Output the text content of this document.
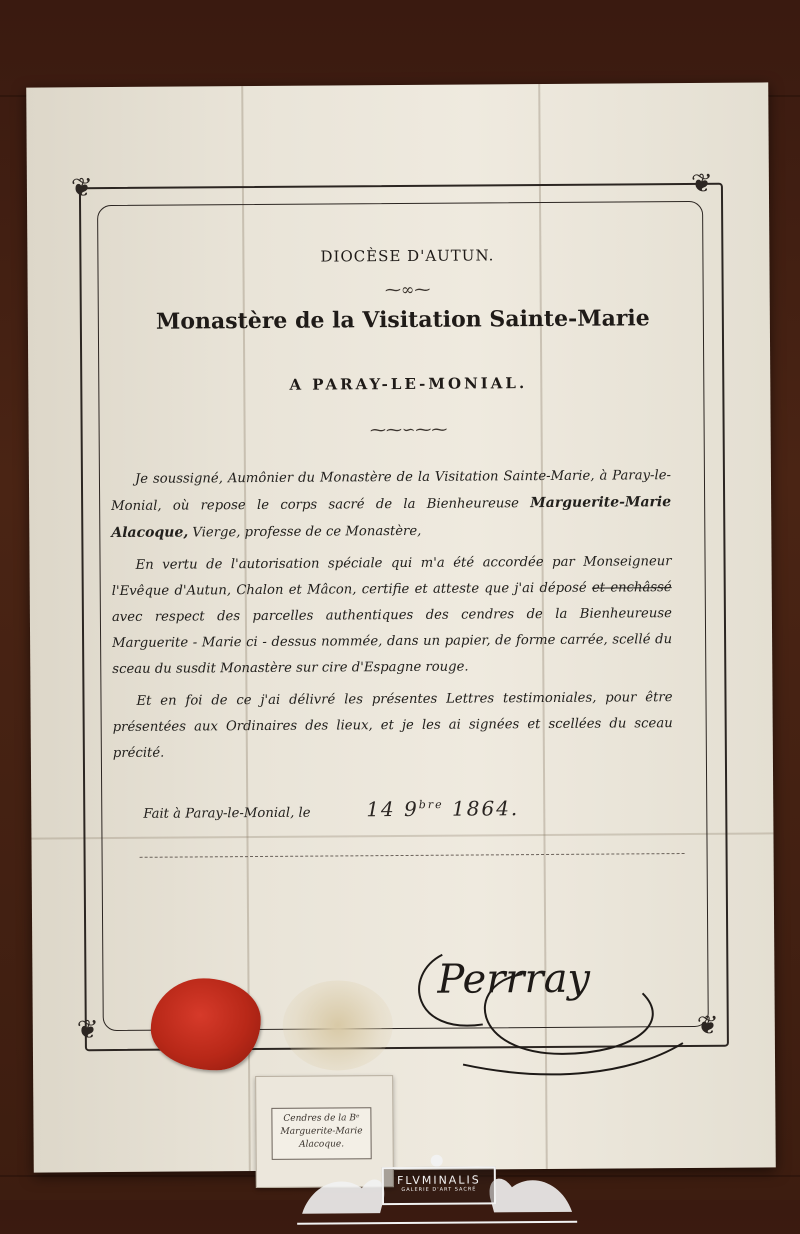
❦	❦
❦	❦
DIOCÈSE D'AUTUN.
⁓∞⁓
Monastère de la Visitation Sainte-Marie
A PARAY-LE-MONIAL.
⁓⁓∽⁓⁓

Je soussigné, Aumônier du Monastère de la Visitation Sainte-Marie, à Paray-le-Monial, où repose le corps sacré de la Bienheureuse Marguerite-Marie Alacoque, Vierge, professe de ce Monastère,

En vertu de l'autorisation spéciale qui m'a été accordée par Monseigneur l'Evêque d'Autun, Chalon et Mâcon, certifie et atteste que j'ai déposé et enchâssé avec respect des parcelles authentiques des cendres de la Bienheureuse Marguerite - Marie ci - dessus nommée, dans un papier, de forme carrée, scellé du sceau du susdit Monastère sur cire d'Espagne rouge.

Et en foi de ce j'ai délivré les présentes Lettres testimoniales, pour être présentées aux Ordinaires des lieux, et je les ai signées et scellées du sceau précité.

Fait à Paray-le-Monial, le	14 $9^{bre}$ 1864.
Perrray
Cendres de la Bᵉ Marguerite-Marie Alacoque.
FLVMINALIS
GALERIE D'ART SACRÉ
